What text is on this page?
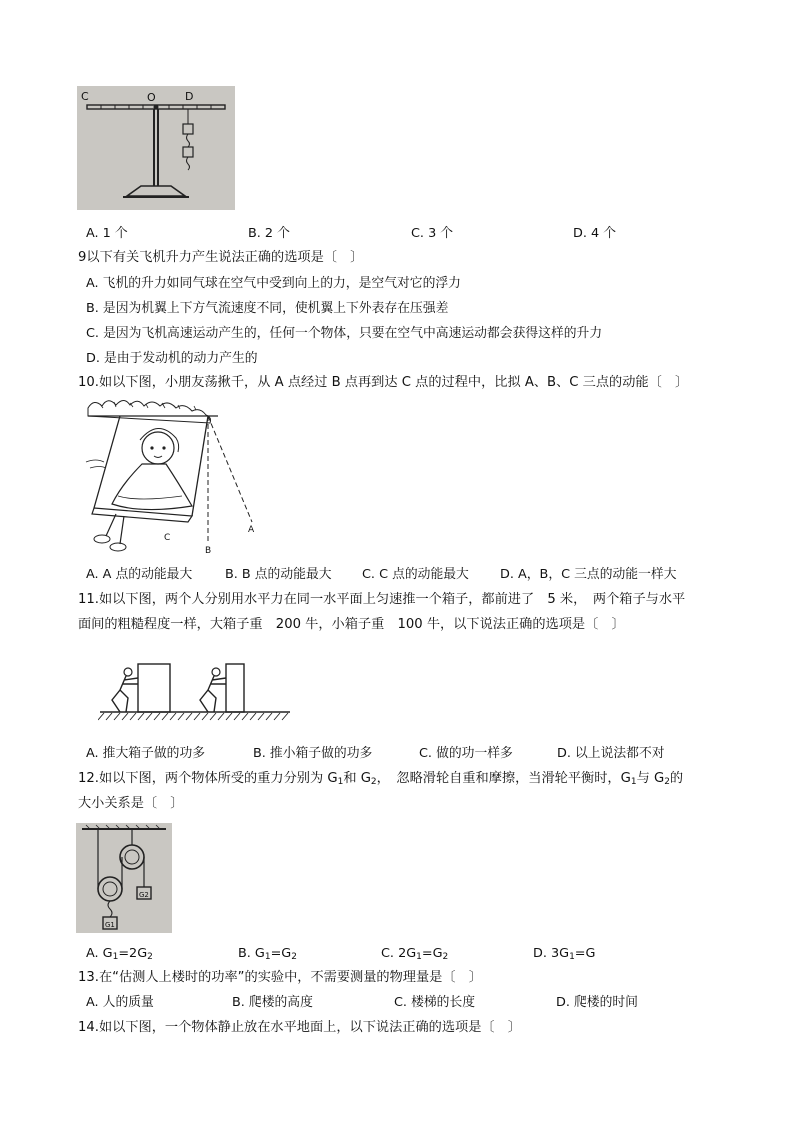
C	O	D
A. 1 个	B. 2 个	C. 3 个	D. 4 个
9以下有关飞机升力产生说法正确的选项是〔　〕
A. 飞机的升力如同气球在空气中受到向上的力，是空气对它的浮力
B. 是因为机翼上下方气流速度不同，使机翼上下外表存在压强差
C. 是因为飞机高速运动产生的，任何一个物体，只要在空气中高速运动都会获得这样的升力
D. 是由于发动机的动力产生的
10.如以下图，小朋友荡揪千，从 A 点经过 B 点再到达 C 点的过程中，比拟 A、B、C 三点的动能〔　〕
C
B
A
A. A 点的动能最大	B. B 点的动能最大 C. C 点的动能最大 D. A，B，C 三点的动能一样大
11.如以下图，两个人分别用水平力在同一水平面上匀速推一个箱子，都前进了　5 米，　两个箱子与水平
面间的粗糙程度一样，大箱子重　200 牛，小箱子重　100 牛，以下说法正确的选项是〔　〕
A. 推大箱子做的功多	B. 推小箱子做的功多	C. 做的功一样多	D. 以上说法都不对
12.如以下图，两个物体所受的重力分别为 $G_1$和 $G_2$，　忽略滑轮自重和摩擦，当滑轮平衡时，$G_1$与 $G_2$的
大小关系是〔　〕
G1
G2
A. $G_1=2G_2$	B. $G_1=G_2$	C. $2G_1=G_2$	D. $3G_1=G$
13.在“估测人上楼时的功率”的实验中，不需要测量的物理量是〔　〕
A. 人的质量	B. 爬楼的高度	C. 楼梯的长度	D. 爬楼的时间
14.如以下图，一个物体静止放在水平地面上，以下说法正确的选项是〔　〕
